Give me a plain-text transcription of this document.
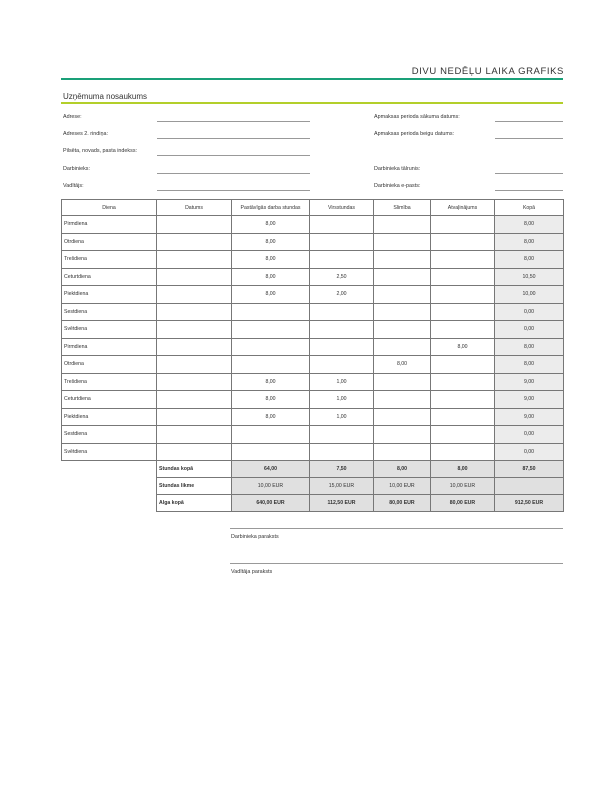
DIVU NEDĒĻU LAIKA GRAFIKS
Uzņēmuma nosaukums
Adrese:
Adreses 2. rindiņa:
Pilsēta, novads, pasta indekss:
Darbinieks:
Vadītājs:
Apmaksas perioda sākuma datums:
Apmaksas perioda beigu datums:
Darbinieka tālrunis:
Darbinieka e-pasts:
Diena	Datums	Pastāvīgās darba stundas	Virsstundas	Slimība	Atvaļinājums	Kopā
Pirmdiena		8,00				8,00
Otrdiena		8,00				8,00
Trešdiena		8,00				8,00
Ceturtdiena		8,00	2,50			10,50
Piektdiena		8,00	2,00			10,00
Sestdiena						0,00
Svētdiena						0,00
Pirmdiena					8,00	8,00
Otrdiena				8,00		8,00
Trešdiena		8,00	1,00			9,00
Ceturtdiena		8,00	1,00			9,00
Piektdiena		8,00	1,00			9,00
Sestdiena						0,00
Svētdiena						0,00
	Stundas kopā	64,00	7,50	8,00	8,00	87,50
	Stundas likme	10,00 EUR	15,00 EUR	10,00 EUR	10,00 EUR	
	Alga kopā	640,00 EUR	112,50 EUR	80,00 EUR	80,00 EUR	912,50 EUR
Darbinieka paraksts
Vadītāja paraksts
